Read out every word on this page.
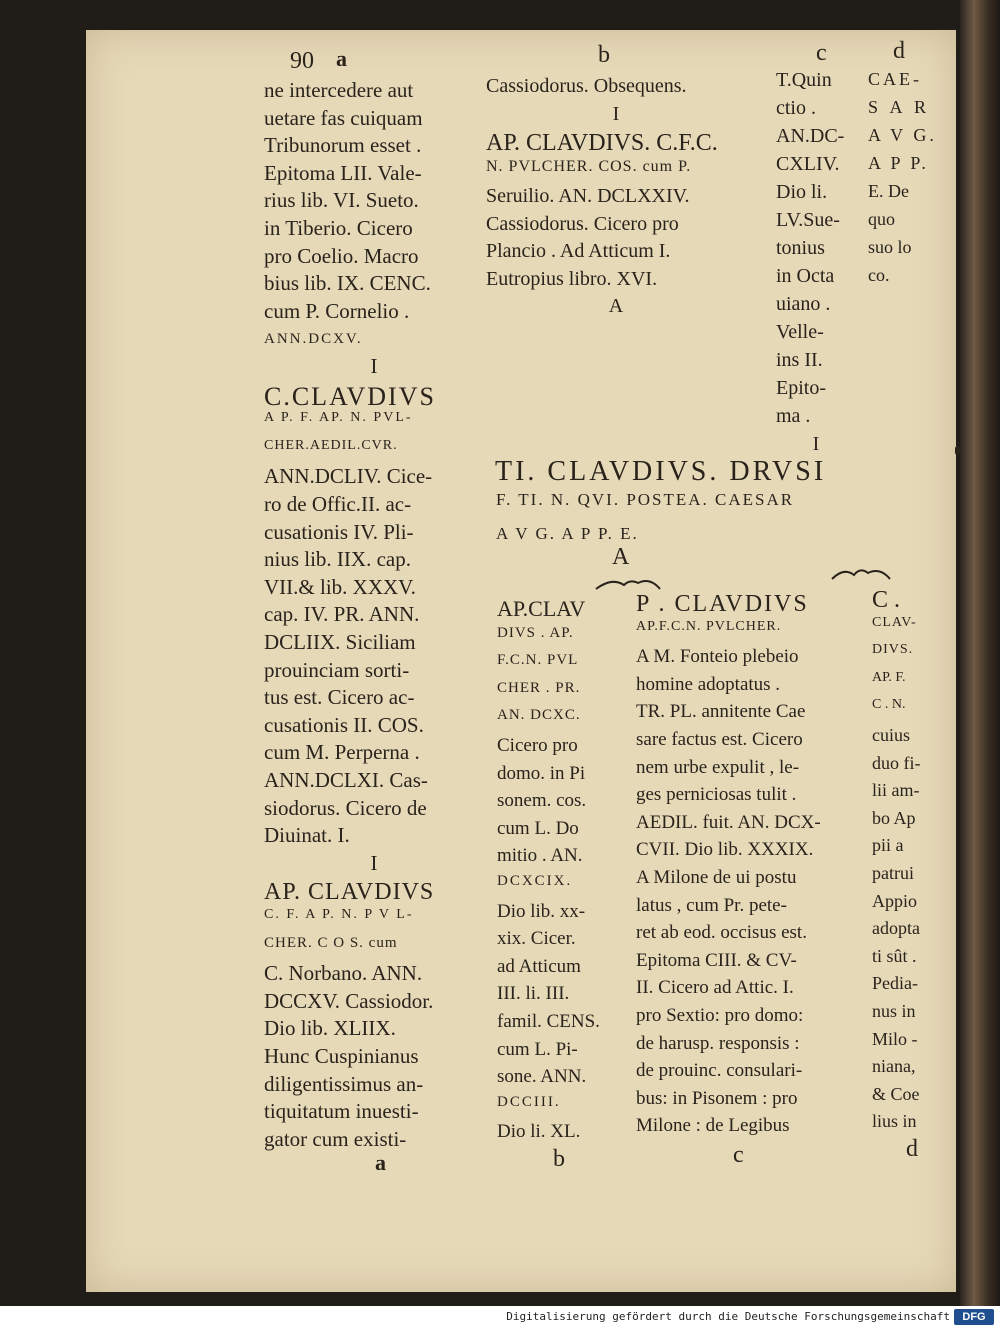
90 a	b	c	d
ne intercedere aut
uetare fas cuiquam
Tribunorum esset .
Epitoma LII. Vale-
rius lib. VI. Sueto.
in Tiberio. Cicero
pro Coelio. Macro
bius lib. IX. CENC.
cum P. Cornelio .
ANN.DCXV.
I
C.CLAVDIVS
A P. F. AP. N. PVL-
CHER.AEDIL.CVR.
ANN.DCLIV. Cice-
ro de Offic.II. ac-
cusationis IV. Pli-
nius lib. IIX. cap.
VII.& lib. XXXV.
cap. IV. PR. ANN.
DCLIIX. Siciliam
prouinciam sorti-
tus est. Cicero ac-
cusationis II. COS.
cum M. Perperna .
ANN.DCLXI. Cas-
siodorus. Cicero de
Diuinat. I.
I
AP. CLAVDIVS
C. F. A P. N. P V L-
CHER. C O S. cum
C. Norbano. ANN.
DCCXV. Cassiodor.
Dio lib. XLIIX.
Hunc Cuspinianus
diligentissimus an-
tiquitatum inuesti-
gator cum existi-
a
Cassiodorus. Obsequens.
I
AP. CLAVDIVS. C.F.C.
N. PVLCHER. COS. cum P.
Seruilio. AN. DCLXXIV.
Cassiodorus. Cicero pro
Plancio . Ad Atticum I.
Eutropius libro. XVI.
A
T.Quin
ctio .
AN.DC-
CXLIV.
Dio li.
LV.Sue-
tonius
in Octa
uiano .
Velle-
ins II.
Epito-
ma .
I
CAE-
S A R
A V G.
A P P.
E. De
quo
suo lo
co.
TI. CLAVDIVS. DRVSI
F. TI. N. QVI. POSTEA. CAESAR
A V G. A P P. E.
A
AP.CLAV
DIVS . AP.
F.C.N. PVL
CHER . PR.
AN. DCXC.
Cicero pro
domo. in Pi
sonem. cos.
cum L. Do
mitio . AN.
DCXCIX.
Dio lib. xx-
xix. Cicer.
ad Atticum
III. li. III.
famil. CENS.
cum L. Pi-
sone. ANN.
DCCIII.
Dio li. XL.
b
P . CLAVDIVS
AP.F.C.N. PVLCHER.
A M. Fonteio plebeio
homine adoptatus .
TR. PL. annitente Cae
sare factus est. Cicero
nem urbe expulit , le-
ges perniciosas tulit .
AEDIL. fuit. AN. DCX-
CVII. Dio lib. XXXIX.
A Milone de ui postu
latus , cum Pr. pete-
ret ab eod. occisus est.
Epitoma CIII. & CV-
II. Cicero ad Attic. I.
pro Sextio: pro domo:
de harusp. responsis :
de prouinc. consulari-
bus: in Pisonem : pro
Milone : de Legibus
c
C .
CLAV-
DIVS.
AP. F.
C . N.
cuius
duo fi-
lii am-
bo Ap
pii a
patrui
Appio
adopta
ti sût .
Pedia-
nus in
Milo -
niana,
& Coe
lius in
d
Digitalisierung gefördert durch die Deutsche Forschungsgemeinschaft	DFG
